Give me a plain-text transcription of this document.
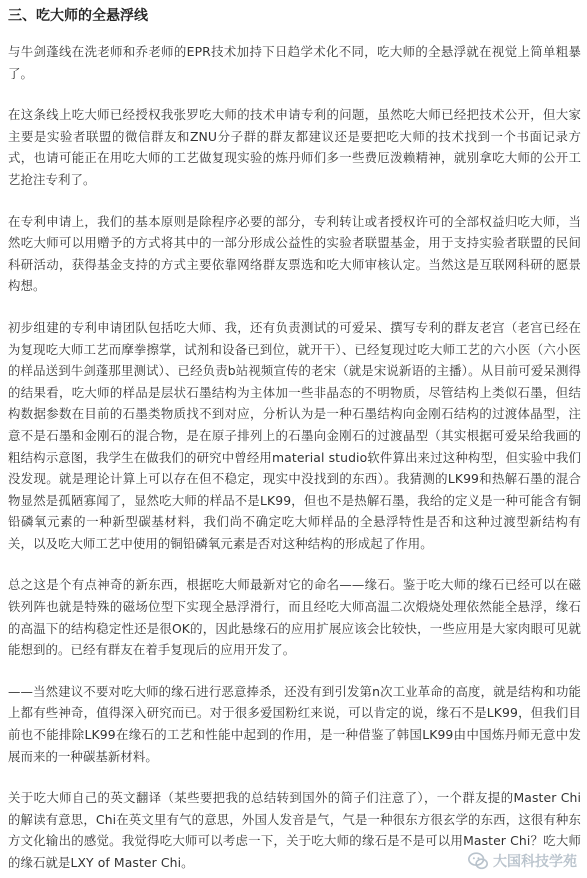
三、吃大师的全悬浮线

与牛剑蓬线在洗老师和乔老师的EPR技术加持下日趋学术化不同，吃大师的全悬浮就在视觉上简单粗暴了。

在这条线上吃大师已经授权我张罗吃大师的技术申请专利的问题，虽然吃大师已经把技术公开，但大家主要是实验者联盟的微信群友和ZNU分子群的群友都建议还是要把吃大师的技术找到一个书面记录方式，也请可能正在用吃大师的工艺做复现实验的炼丹师们多一些费厄泼赖精神，就别拿吃大师的公开工艺抢注专利了。

在专利申请上，我们的基本原则是除程序必要的部分，专利转让或者授权许可的全部权益归吃大师，当然吃大师可以用赠予的方式将其中的一部分形成公益性的实验者联盟基金，用于支持实验者联盟的民间科研活动，获得基金支持的方式主要依靠网络群友票选和吃大师审核认定。当然这是互联网科研的愿景构想。

初步组建的专利申请团队包括吃大师、我，还有负责测试的可爱呆、撰写专利的群友老宫（老宫已经在为复现吃大师工艺而摩拳擦掌，试剂和设备已到位，就开干）、已经复现过吃大师工艺的六小医（六小医的样品送到牛剑蓬那里测试）、已经负责b站视频宣传的老宋（就是宋说新语的主播）。从目前可爱呆测得的结果看，吃大师的样品是层状石墨结构为主体加一些非晶态的不明物质，尽管结构上类似石墨，但结构数据参数在目前的石墨类物质找不到对应，分析认为是一种石墨结构向金刚石结构的过渡体晶型，注意不是石墨和金刚石的混合物，是在原子排列上的石墨向金刚石的过渡晶型（其实根据可爱呆给我画的粗结构示意图，我学生在做我们的研究中曾经用material studio软件算出来过这种构型，但实验中我们没发现。就是理论计算上可以存在但不稳定，现实中没找到的东西）。我猜测的LK99和热解石墨的混合物显然是孤陋寡闻了，显然吃大师的样品不是LK99，但也不是热解石墨，我给的定义是一种可能含有铜铅磷氧元素的一种新型碳基材料，我们尚不确定吃大师样品的全悬浮特性是否和这种过渡型新结构有关，以及吃大师工艺中使用的铜铅磷氧元素是否对这种结构的形成起了作用。

总之这是个有点神奇的新东西，根据吃大师最新对它的命名——缘石。鉴于吃大师的缘石已经可以在磁铁列阵也就是特殊的磁场位型下实现全悬浮滑行，而且经吃大师高温二次煅烧处理依然能全悬浮，缘石的高温下的结构稳定性还是很OK的，因此悬缘石的应用扩展应该会比较快，一些应用是大家肉眼可见就能想到的。已经有群友在着手复现后的应用开发了。

——当然建议不要对吃大师的缘石进行恶意捧杀，还没有到引发第n次工业革命的高度，就是结构和功能上都有些神奇，值得深入研究而已。对于很多爱国粉红来说，可以肯定的说，缘石不是LK99，但我们目前也不能排除LK99在缘石的工艺和性能中起到的作用，是一种借鉴了韩国LK99由中国炼丹师无意中发展而来的一种碳基新材料。

关于吃大师自己的英文翻译（某些要把我的总结转到国外的简子们注意了），一个群友提的Master Chi的解读有意思，Chi在英文里有气的意思，外国人发音是气，气是一种很东方很玄学的东西，这很有种东方文化输出的感觉。我觉得吃大师可以考虑一下，关于吃大师的缘石是不是可以用Master Chi？吃大师的缘石就是LXY of Master Chi。	大国科技学苑
